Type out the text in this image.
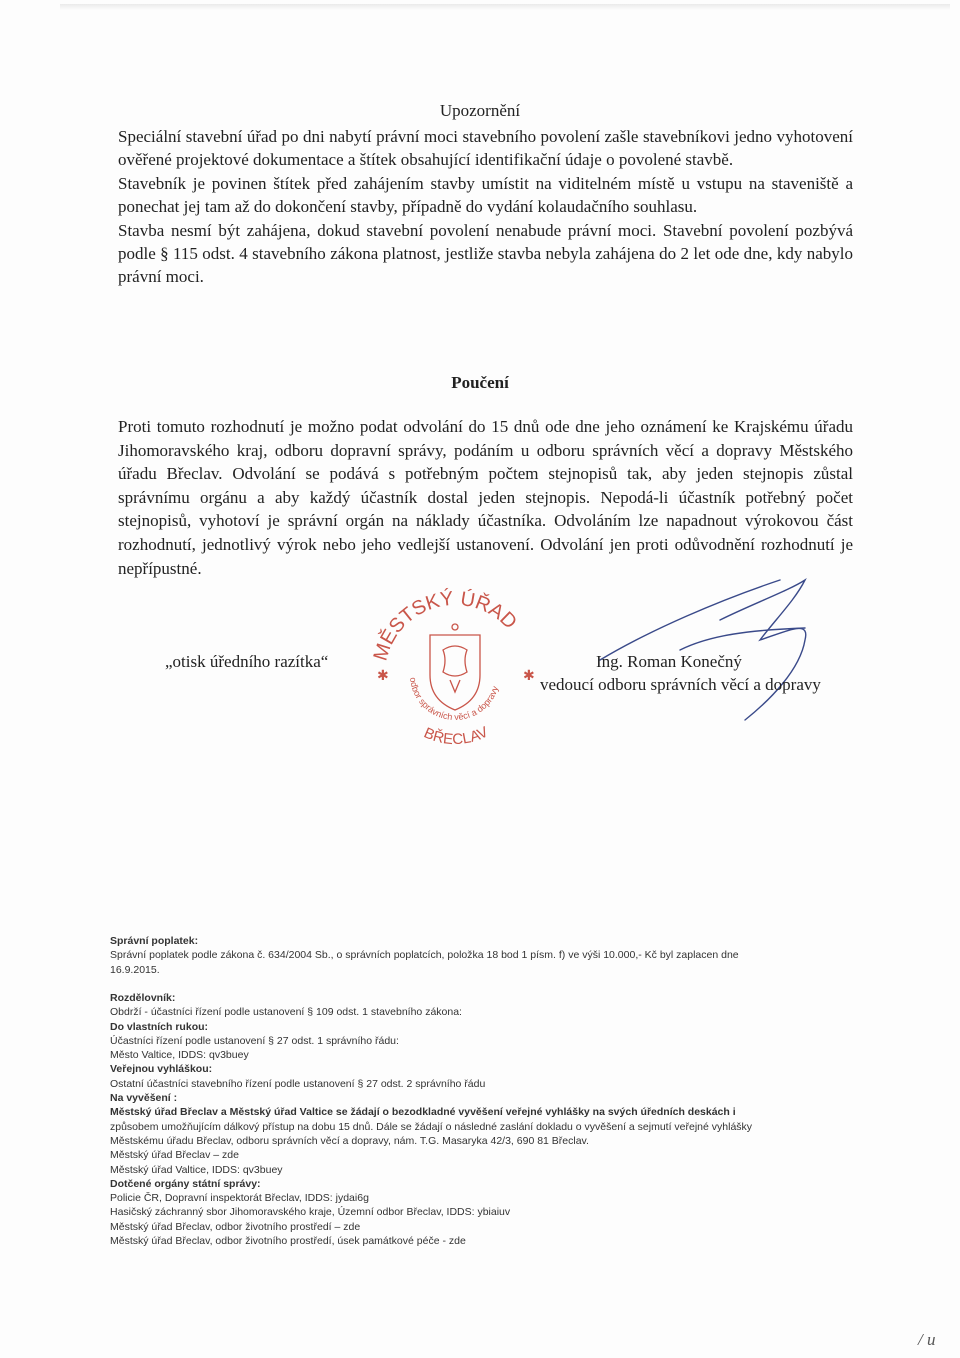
Upozornění

Speciální stavební úřad po dni nabytí právní moci stavebního povolení zašle stavebníkovi jedno vyhotovení ověřené projektové dokumentace a štítek obsahující identifikační údaje o povolené stavbě.

Stavebník je povinen štítek před zahájením stavby umístit na viditelném místě u vstupu na staveniště a ponechat jej tam až do dokončení stavby, případně do vydání kolaudačního souhlasu.

Stavba nesmí být zahájena, dokud stavební povolení nenabude právní moci. Stavební povolení pozbývá podle § 115 odst. 4 stavebního zákona platnost, jestliže stavba nebyla zahájena do 2 let ode dne, kdy nabylo právní moci.

Poučení

Proti tomuto rozhodnutí je možno podat odvolání do 15 dnů ode dne jeho oznámení ke Krajskému úřadu Jihomoravského kraj, odboru dopravní správy, podáním u odboru správních věcí a dopravy Městského úřadu Břeclav. Odvolání se podává s potřebným počtem stejnopisů tak, aby jeden stejnopis zůstal správnímu orgánu a aby každý účastník dostal jeden stejnopis. Nepodá-li účastník potřebný počet stejnopisů, vyhotoví je správní orgán na náklady účastníka. Odvoláním lze napadnout výrokovou část rozhodnutí, jednotlivý výrok nebo jeho vedlejší ustanovení. Odvolání jen proti odůvodnění rozhodnutí je nepřípustné.

„otisk úředního razítka“ MĚSTSKÝ ÚŘAD
odbor správních věcí a dopravy
BŘECLAV
✱	✱
Ing. Roman Konečný
vedoucí odboru správních věcí a dopravy
Správní poplatek:
Správní poplatek podle zákona č. 634/2004 Sb., o správních poplatcích, položka 18 bod 1 písm. f) ve výši 10.000,- Kč byl zaplacen dne
16.9.2015.
Rozdělovník:
Obdrží - účastníci řízení podle ustanovení § 109 odst. 1 stavebního zákona:
Do vlastních rukou:
Účastníci řízení podle ustanovení § 27 odst. 1 správního řádu:
Město Valtice, IDDS: qv3buey
Veřejnou vyhláškou:
Ostatní účastníci stavebního řízení podle ustanovení § 27 odst. 2 správního řádu
Na vyvěšení :
Městský úřad Břeclav a Městský úřad Valtice se žádají o bezodkladné vyvěšení veřejné vyhlášky na svých úředních deskách i
způsobem umožňujícím dálkový přístup na dobu 15 dnů. Dále se žádají o následné zaslání dokladu o vyvěšení a sejmutí veřejné vyhlášky
Městskému úřadu Břeclav, odboru správních věcí a dopravy, nám. T.G. Masaryka 42/3, 690 81 Břeclav.
Městský úřad Břeclav – zde
Městský úřad Valtice, IDDS: qv3buey
Dotčené orgány státní správy:
Policie ČR, Dopravní inspektorát Břeclav, IDDS: jydai6g
Hasičský záchranný sbor Jihomoravského kraje, Územní odbor Břeclav, IDDS: ybiaiuv
Městský úřad Břeclav, odbor životního prostředí – zde
Městský úřad Břeclav, odbor životního prostředí, úsek památkové péče - zde
/ u
